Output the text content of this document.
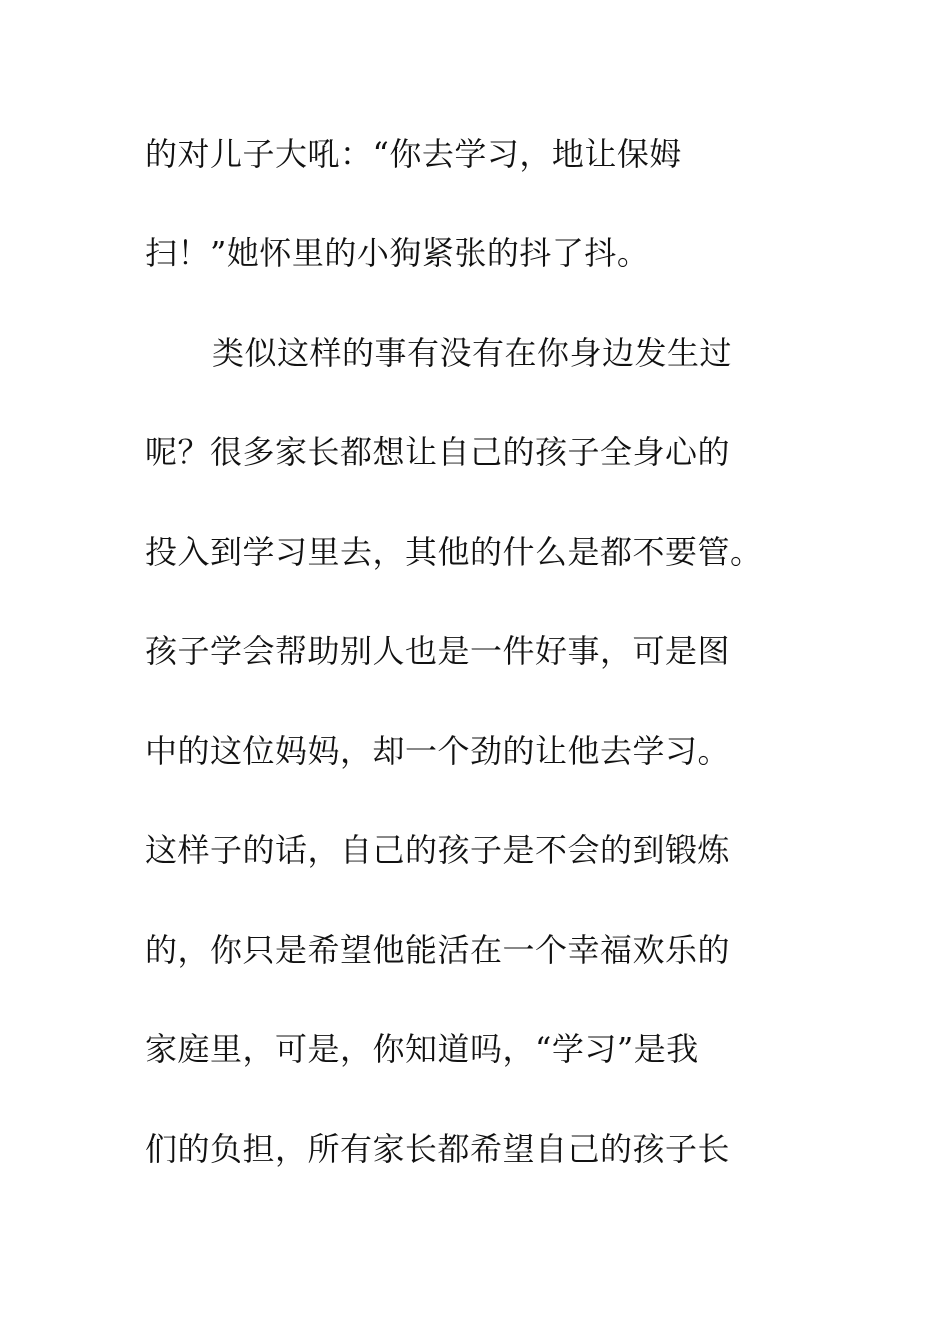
的对儿子大吼：“你去学习，地让保姆
扫！”她怀里的小狗紧张的抖了抖。
类似这样的事有没有在你身边发生过
呢？很多家长都想让自己的孩子全身心的
投入到学习里去，其他的什么是都不要管。
孩子学会帮助别人也是一件好事，可是图
中的这位妈妈，却一个劲的让他去学习。
这样子的话，自己的孩子是不会的到锻炼
的，你只是希望他能活在一个幸福欢乐的
家庭里，可是，你知道吗，“学习”是我
们的负担，所有家长都希望自己的孩子长
